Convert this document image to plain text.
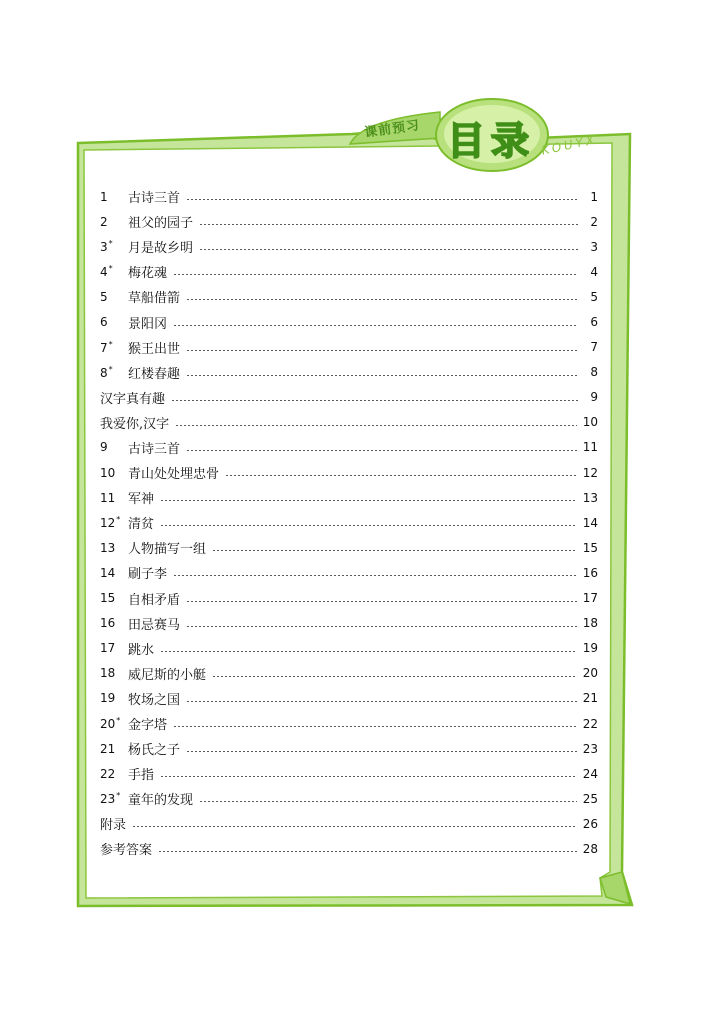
课前预习 目录 KOUYX
1	古诗三首	1
2	祖父的园子	2
3*	月是故乡明	3
4*	梅花魂	4
5	草船借箭	5
6	景阳冈	6
7*	猴王出世	7
8*	红楼春趣	8
汉字真有趣	9
我爱你,汉字	10
9	古诗三首	11
10 青山处处埋忠骨	12
11 军神	13
12* 清贫	14
13 人物描写一组	15
14 刷子李	16
15 自相矛盾	17
16 田忌赛马	18
17 跳水	19
18 威尼斯的小艇	20
19 牧场之国	21
20* 金字塔	22
21 杨氏之子	23
22 手指	24
23* 童年的发现	25
附录	26
参考答案	28
